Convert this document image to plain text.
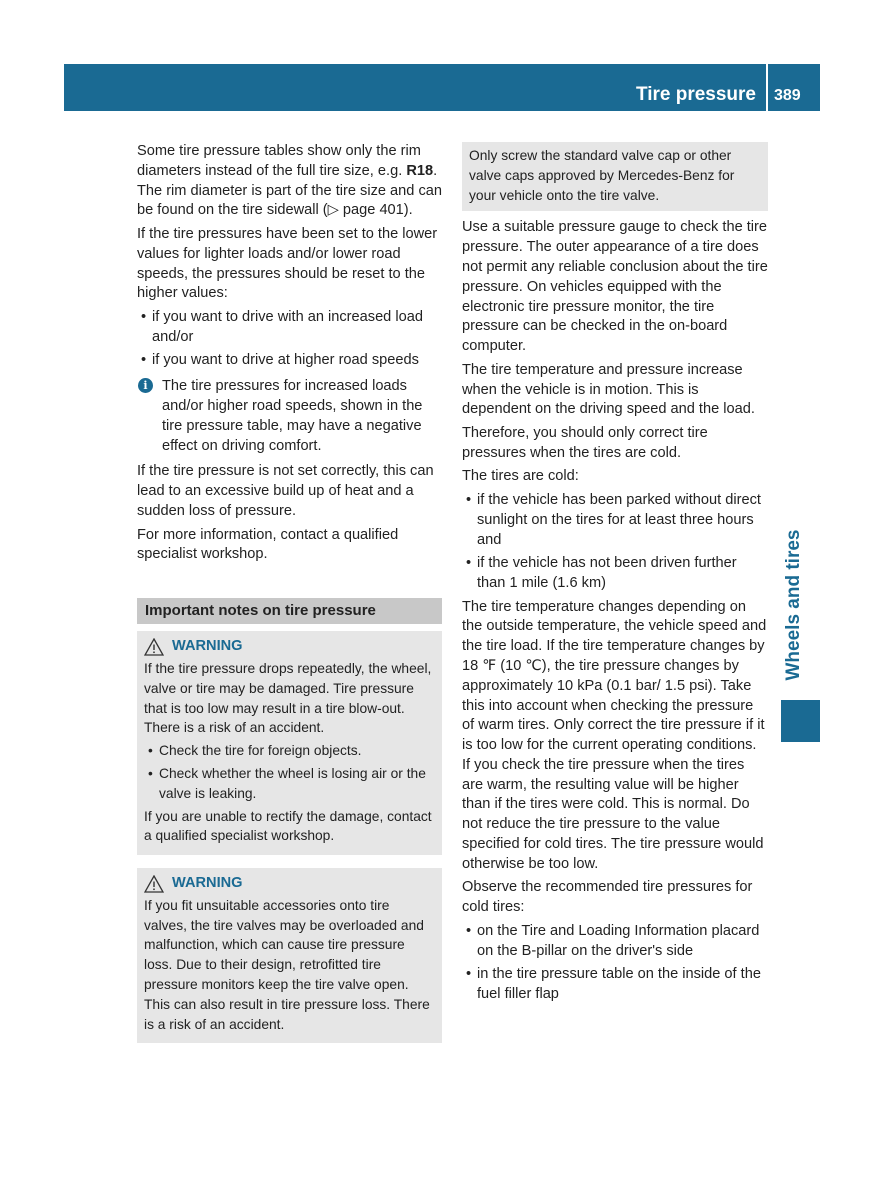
Tire pressure 389
Wheels and tires

Some tire pressure tables show only the rim diameters instead of the full tire size, e.g. R18. The rim diameter is part of the tire size and can be found on the tire sidewall (▷ page 401).

If the tire pressures have been set to the lower values for lighter loads and/or lower road speeds, the pressures should be reset to the higher values:

• if you want to drive with an increased load and/or
• if you want to drive at higher road speeds
i The tire pressures for increased loads and/or higher road speeds, shown in the tire pressure table, may have a negative effect on driving comfort.

If the tire pressure is not set correctly, this can lead to an excessive build up of heat and a sudden loss of pressure.

For more information, contact a qualified specialist workshop.

Important notes on tire pressure
WARNING

If the tire pressure drops repeatedly, the wheel, valve or tire may be damaged. Tire pressure that is too low may result in a tire blow-out. There is a risk of an accident.

• Check the tire for foreign objects.
• Check whether the wheel is losing air or the valve is leaking.

If you are unable to rectify the damage, contact a qualified specialist workshop.

WARNING

If you fit unsuitable accessories onto tire valves, the tire valves may be overloaded and malfunction, which can cause tire pressure loss. Due to their design, retrofitted tire pressure monitors keep the tire valve open. This can also result in tire pressure loss. There is a risk of an accident.

Only screw the standard valve cap or other valve caps approved by Mercedes-Benz for your vehicle onto the tire valve.

Use a suitable pressure gauge to check the tire pressure. The outer appearance of a tire does not permit any reliable conclusion about the tire pressure. On vehicles equipped with the electronic tire pressure monitor, the tire pressure can be checked in the on-board computer.

The tire temperature and pressure increase when the vehicle is in motion. This is dependent on the driving speed and the load.

Therefore, you should only correct tire pressures when the tires are cold.

The tires are cold:

• if the vehicle has been parked without direct sunlight on the tires for at least three hours and
• if the vehicle has not been driven further than 1 mile (1.6 km)

The tire temperature changes depending on the outside temperature, the vehicle speed and the tire load. If the tire temperature changes by 18 ℉ (10 ℃), the tire pressure changes by approximately 10 kPa (0.1 bar/ 1.5 psi). Take this into account when checking the pressure of warm tires. Only correct the tire pressure if it is too low for the current operating conditions. If you check the tire pressure when the tires are warm, the resulting value will be higher than if the tires were cold. This is normal. Do not reduce the tire pressure to the value specified for cold tires. The tire pressure would otherwise be too low.

Observe the recommended tire pressures for cold tires:

• on the Tire and Loading Information placard on the B-pillar on the driver's side
• in the tire pressure table on the inside of the fuel filler flap
